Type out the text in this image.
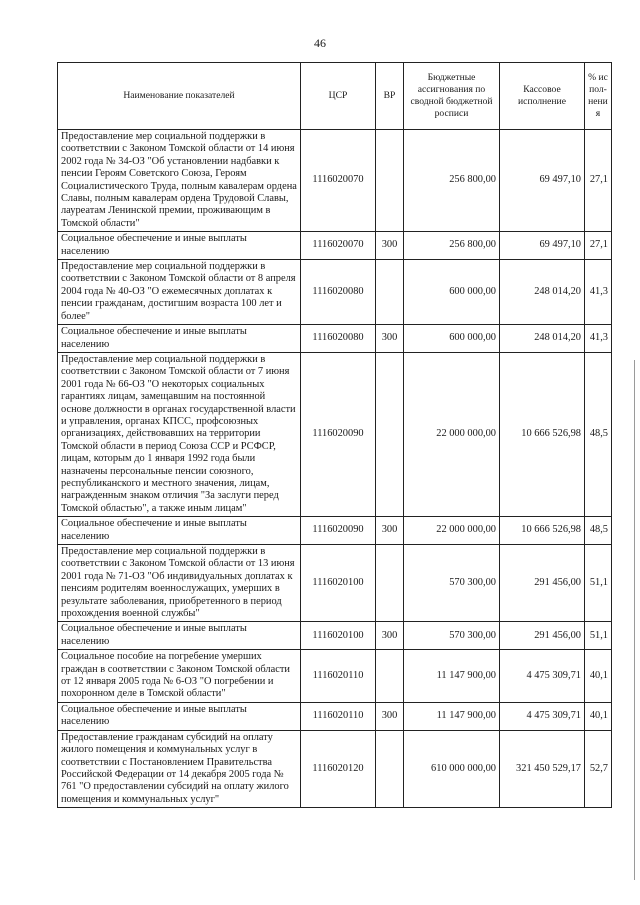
46
Наименование показателей	ЦСР	ВР	Бюджетные ассигнования по сводной бюджетной росписи	Кассовое исполнение	% испол-нения
Предоставление мер социальной поддержки в соответствии с Законом Томской области от 14 июня 2002 года № 34-ОЗ "Об установлении надбавки к пенсии Героям Советского Союза, Героям Социалистического Труда, полным кавалерам ордена Славы, полным кавалерам ордена Трудовой Славы, лауреатам Ленинской премии, проживающим в Томской области"	1116020070		256 800,00	69 497,10	27,1
Социальное обеспечение и иные выплаты населению	1116020070	300	256 800,00	69 497,10	27,1
Предоставление мер социальной поддержки в соответствии с Законом Томской области от 8 апреля 2004 года № 40-ОЗ "О ежемесячных доплатах к пенсии гражданам, достигшим возраста 100 лет и более"	1116020080		600 000,00	248 014,20	41,3
Социальное обеспечение и иные выплаты населению	1116020080	300	600 000,00	248 014,20	41,3
Предоставление мер социальной поддержки в соответствии с Законом Томской области от 7 июня 2001 года № 66-ОЗ "О некоторых социальных гарантиях лицам, замещавшим на постоянной основе должности в органах государственной власти и управления, органах КПСС, профсоюзных организациях, действовавших на территории Томской области в период Союза ССР и РСФСР, лицам, которым до 1 января 1992 года были назначены персональные пенсии союзного, республиканского и местного значения, лицам, награжденным знаком отличия "За заслуги перед Томской областью", а также иным лицам"	1116020090		22 000 000,00	10 666 526,98	48,5
Социальное обеспечение и иные выплаты населению	1116020090	300	22 000 000,00	10 666 526,98	48,5
Предоставление мер социальной поддержки в соответствии с Законом Томской области от 13 июня 2001 года № 71-ОЗ "Об индивидуальных доплатах к пенсиям родителям военнослужащих, умерших в результате заболевания, приобретенного в период прохождения военной службы"	1116020100		570 300,00	291 456,00	51,1
Социальное обеспечение и иные выплаты населению	1116020100	300	570 300,00	291 456,00	51,1
Социальное пособие на погребение умерших граждан в соответствии с Законом Томской области от 12 января 2005 года № 6-ОЗ "О погребении и похоронном деле в Томской области"	1116020110		11 147 900,00	4 475 309,71	40,1
Социальное обеспечение и иные выплаты населению	1116020110	300	11 147 900,00	4 475 309,71	40,1
Предоставление гражданам субсидий на оплату жилого помещения и коммунальных услуг в соответствии с Постановлением Правительства Российской Федерации от 14 декабря 2005 года № 761 "О предоставлении субсидий на оплату жилого помещения и коммунальных услуг"	1116020120		610 000 000,00	321 450 529,17	52,7
